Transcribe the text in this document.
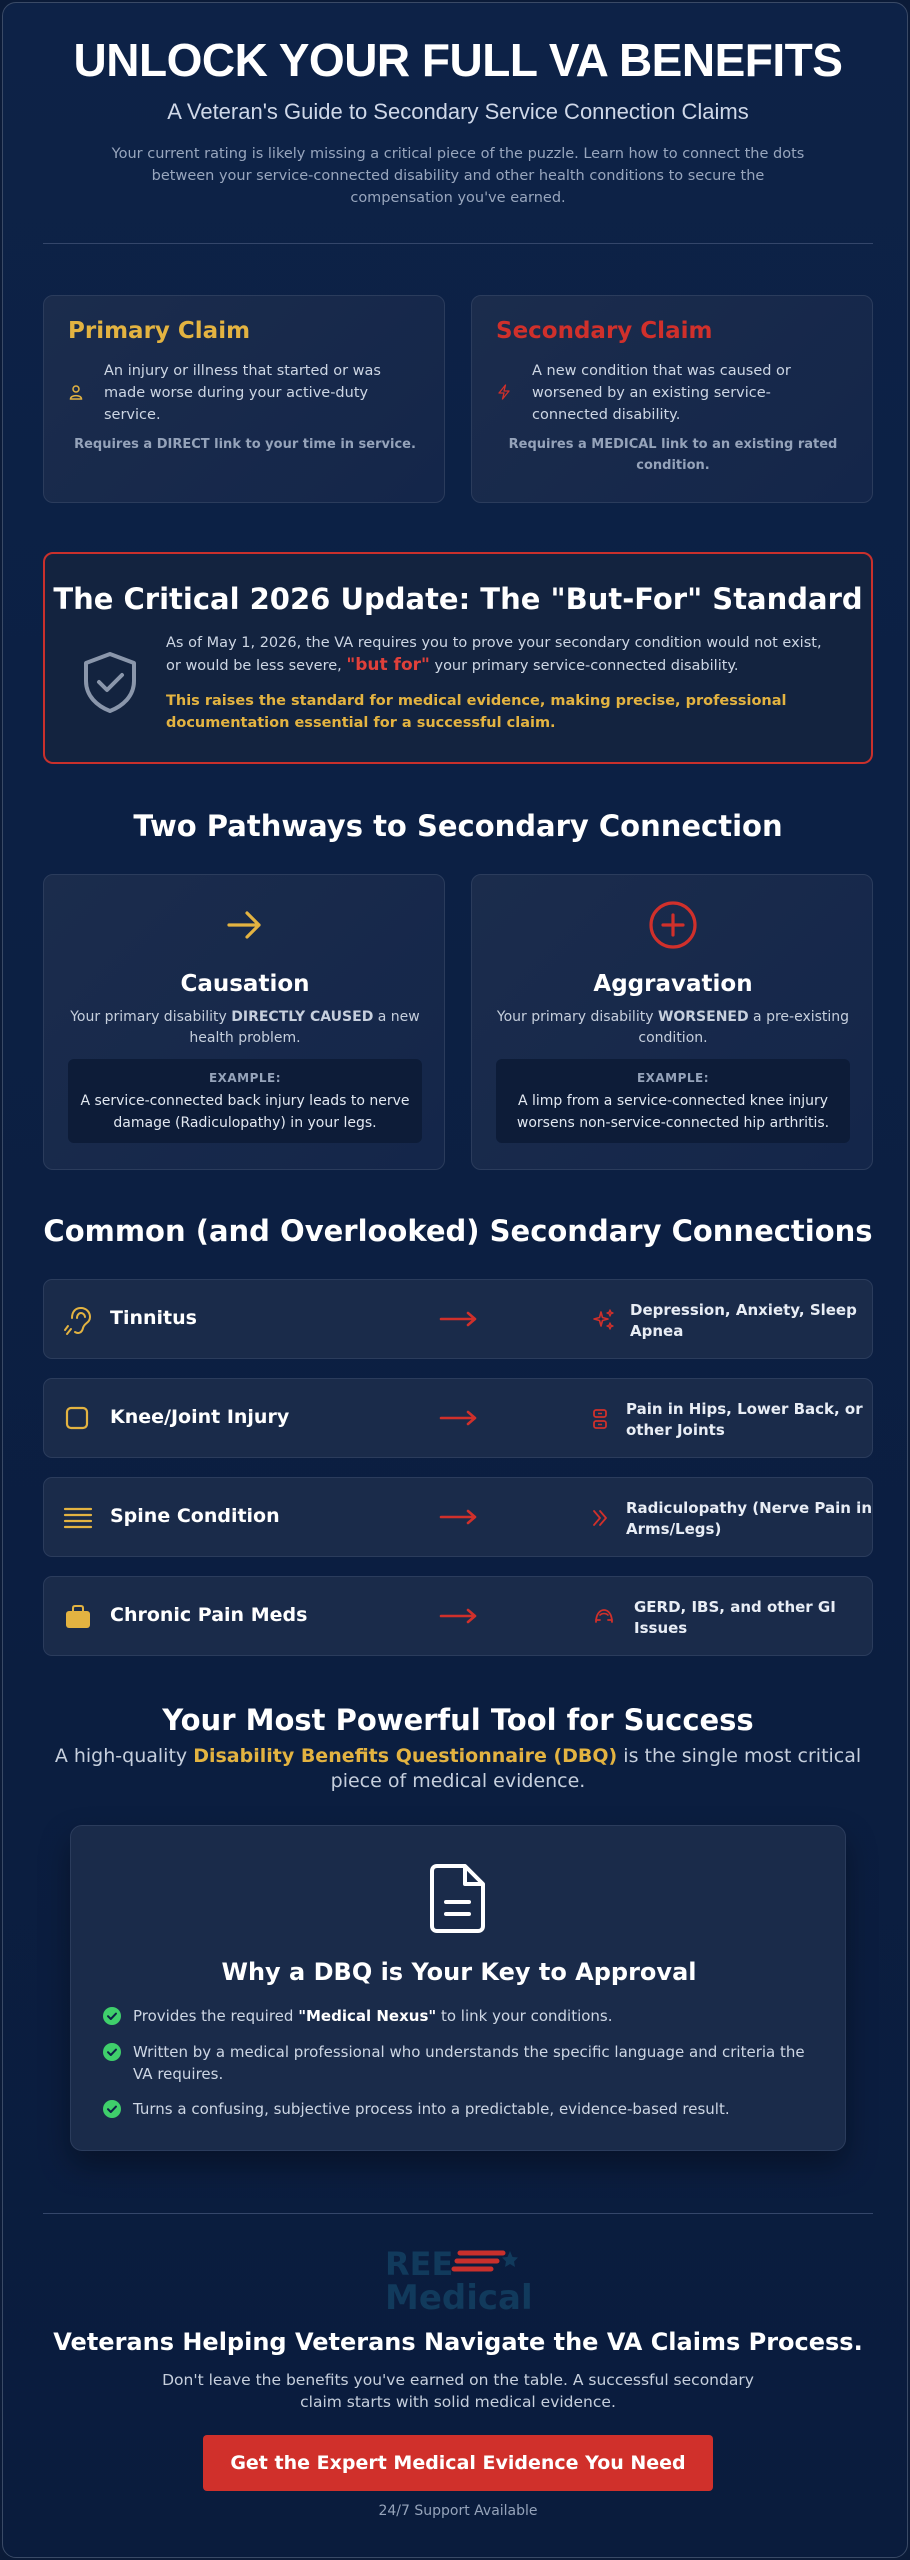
UNLOCK YOUR FULL VA BENEFITS
A Veteran's Guide to Secondary Service Connection Claims

Your current rating is likely missing a critical piece of the puzzle. Learn how to connect the dots between your service-connected disability and other health conditions to secure the compensation you've earned.

Primary Claim

An injury or illness that started or was made worse during your active-duty service.

Requires a DIRECT link to your time in service.

Secondary Claim

A new condition that was caused or worsened by an existing service-connected disability.

Requires a MEDICAL link to an existing rated condition.

The Critical 2026 Update: The "But-For" Standard

As of May 1, 2026, the VA requires you to prove your secondary condition would not exist, or would be less severe, "but for" your primary service-connected disability.

This raises the standard for medical evidence, making precise, professional documentation essential for a successful claim.

Two Pathways to Secondary Connection
Causation

Your primary disability DIRECTLY CAUSED a new health problem.

EXAMPLE:
A service-connected back injury leads to nerve damage (Radiculopathy) in your legs.
Aggravation

Your primary disability WORSENED a pre-existing condition.

EXAMPLE:
A limp from a service-connected knee injury worsens non-service-connected hip arthritis.
Common (and Overlooked) Secondary Connections
Tinnitus	Depression, Anxiety, Sleep Apnea
Knee/Joint Injury	Pain in Hips, Lower Back, or other Joints
Spine Condition	Radiculopathy (Nerve Pain in Arms/Legs)
Chronic Pain Meds	GERD, IBS, and other GI Issues
Your Most Powerful Tool for Success

A high-quality Disability Benefits Questionnaire (DBQ) is the single most critical piece of medical evidence.

Why a DBQ is Your Key to Approval
Provides the required "Medical Nexus" to link your conditions.
Written by a medical professional who understands the specific language and criteria the VA requires.
Turns a confusing, subjective process into a predictable, evidence-based result.
REE
Medical
Veterans Helping Veterans Navigate the VA Claims Process.

Don't leave the benefits you've earned on the table. A successful secondary claim starts with solid medical evidence.

Get the Expert Medical Evidence You Need
24/7 Support Available
